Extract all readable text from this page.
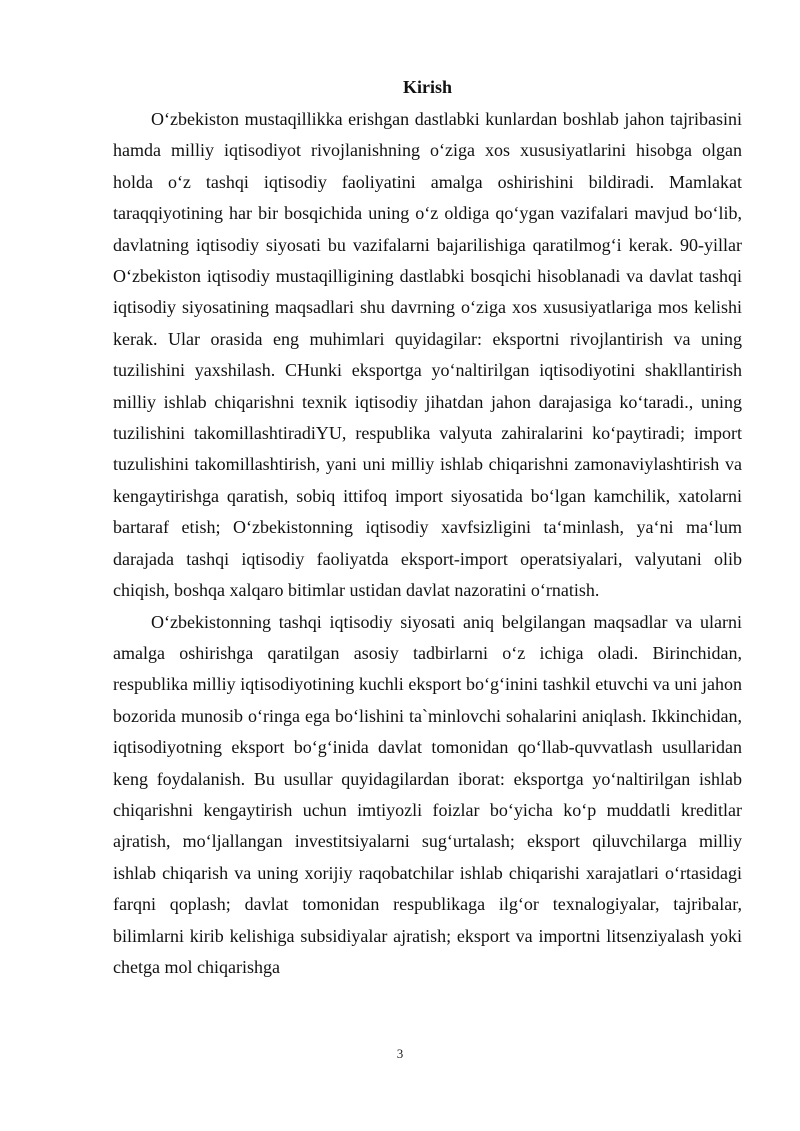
Kirish

O‘zbekiston mustaqillikka erishgan dastlabki kunlardan boshlab jahon tajribasini hamda milliy iqtisodiyot rivojlanishning o‘ziga xos xususiyatlarini hisobga olgan holda o‘z tashqi iqtisodiy faoliyatini amalga oshirishini bildiradi. Mamlakat taraqqiyotining har bir bosqichida uning o‘z oldiga qo‘ygan vazifalari mavjud bo‘lib, davlatning iqtisodiy siyosati bu vazifalarni bajarilishiga qaratilmog‘i kerak. 90-yillar O‘zbekiston iqtisodiy mustaqilligining dastlabki bosqichi hisoblanadi va davlat tashqi iqtisodiy siyosatining maqsadlari shu davrning o‘ziga xos xususiyatlariga mos kelishi kerak. Ular orasida eng muhimlari quyidagilar: eksportni rivojlantirish va uning tuzilishini yaxshilash. CHunki eksportga yo‘naltirilgan iqtisodiyotini shakllantirish milliy ishlab chiqarishni texnik iqtisodiy jihatdan jahon darajasiga ko‘taradi., uning tuzilishini takomillashtiradiYU, respublika valyuta zahiralarini ko‘paytiradi; import tuzulishini takomillashtirish, yani uni milliy ishlab chiqarishni zamonaviylashtirish va kengaytirishga qaratish, sobiq ittifoq import siyosatida bo‘lgan kamchilik, xatolarni bartaraf etish; O‘zbekistonning iqtisodiy xavfsizligini ta‘minlash, ya‘ni ma‘lum darajada tashqi iqtisodiy faoliyatda eksport-import operatsiyalari, valyutani olib chiqish, boshqa xalqaro bitimlar ustidan davlat nazoratini o‘rnatish.

O‘zbekistonning tashqi iqtisodiy siyosati aniq belgilangan maqsadlar va ularni amalga oshirishga qaratilgan asosiy tadbirlarni o‘z ichiga oladi. Birinchidan, respublika milliy iqtisodiyotining kuchli eksport bo‘g‘inini tashkil etuvchi va uni jahon bozorida munosib o‘ringa ega bo‘lishini ta`minlovchi sohalarini aniqlash. Ikkinchidan, iqtisodiyotning eksport bo‘g‘inida davlat tomonidan qo‘llab-quvvatlash usullaridan keng foydalanish. Bu usullar quyidagilardan iborat: eksportga yo‘naltirilgan ishlab chiqarishni kengaytirish uchun imtiyozli foizlar bo‘yicha ko‘p muddatli kreditlar ajratish, mo‘ljallangan investitsiyalarni sug‘urtalash; eksport qiluvchilarga milliy ishlab chiqarish va uning xorijiy raqobatchilar ishlab chiqarishi xarajatlari o‘rtasidagi farqni qoplash; davlat tomonidan respublikaga ilg‘or texnalogiyalar, tajribalar, bilimlarni kirib kelishiga subsidiyalar ajratish; eksport va importni litsenziyalash yoki chetga mol chiqarishga

3
